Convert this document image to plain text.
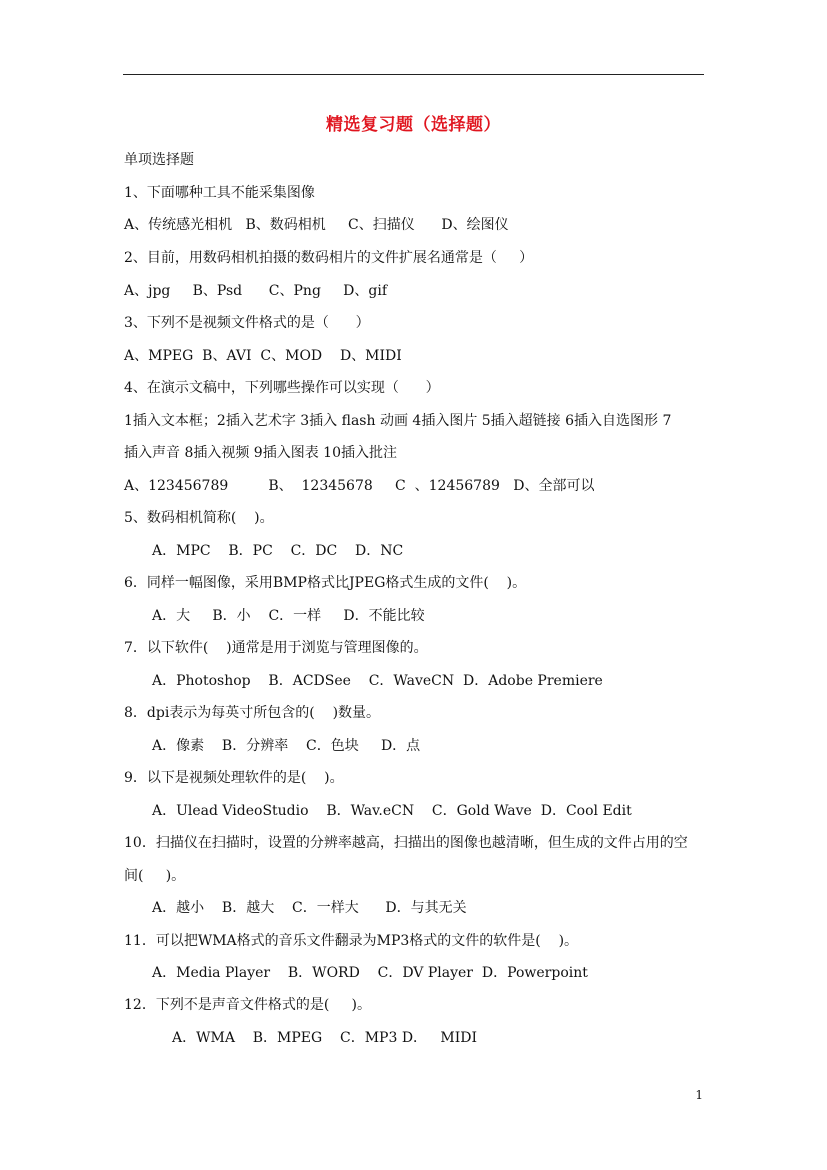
精选复习题（选择题）
单项选择题
1、下面哪种工具不能采集图像
A、传统感光相机   B、数码相机     C、扫描仪      D、绘图仪
2、目前，用数码相机拍摄的数码相片的文件扩展名通常是（     ）
A、jpg     B、Psd      C、Png     D、gif
3、下列不是视频文件格式的是（      ）
A、MPEG  B、AVI  C、MOD    D、MIDI
4、在演示文稿中，下列哪些操作可以实现（      ）
1插入文本框；2插入艺术字 3插入 flash 动画 4插入图片 5插入超链接 6插入自选图形 7
插入声音 8插入视频 9插入图表 10插入批注
A、123456789         B、  12345678     C  、12456789   D、全部可以
5、数码相机简称(    )。
A．MPC    B．PC    C．DC    D．NC
6．同样一幅图像，采用BMP格式比JPEG格式生成的文件(    )。
A．大     B．小    C．一样     D．不能比较
7．以下软件(    )通常是用于浏览与管理图像的。
A．Photoshop    B．ACDSee    C．WaveCN  D．Adobe Premiere
8．dpi表示为每英寸所包含的(    )数量。
A．像素    B．分辨率    C．色块     D．点
9．以下是视频处理软件的是(    )。
A．Ulead VideoStudio    B．Wav.eCN    C．Gold Wave  D．Cool Edit
10．扫描仪在扫描时，设置的分辨率越高，扫描出的图像也越清晰，但生成的文件占用的空
间(     )。
A．越小    B．越大    C．一样大      D．与其无关
11．可以把WMA格式的音乐文件翻录为MP3格式的文件的软件是(    )。
A．Media Player    B．WORD    C．DV Player  D．Powerpoint
12．下列不是声音文件格式的是(     )。
A．WMA    B．MPEG    C．MP3 D．   MIDI
1
